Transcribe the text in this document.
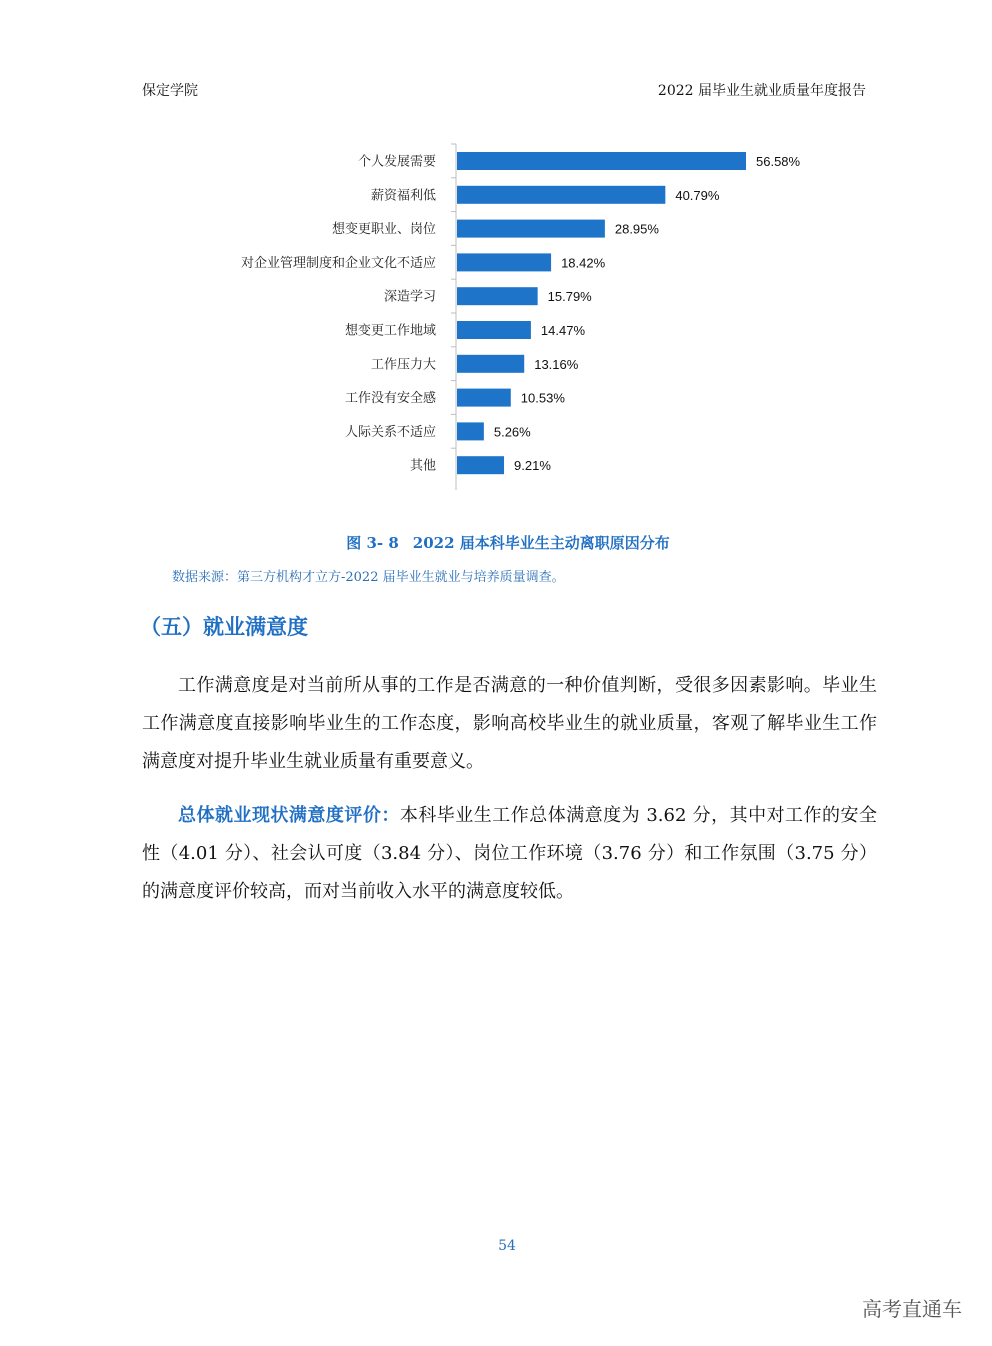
保定学院	2022 届毕业生就业质量年度报告
个人发展需要	56.58%
薪资福利低	40.79%
想变更职业、岗位	28.95%
对企业管理制度和企业文化不适应	18.42%
深造学习	15.79%
想变更工作地域	14.47%
工作压力大	13.16%
工作没有安全感	10.53%
人际关系不适应	5.26%
其他	9.21%
图 3- 8 2022 届本科毕业生主动离职原因分布
数据来源：第三方机构才立方-2022 届毕业生就业与培养质量调查。
（五）就业满意度

工作满意度是对当前所从事的工作是否满意的一种价值判断，受很多因素影响。毕业生工作满意度直接影响毕业生的工作态度，影响高校毕业生的就业质量，客观了解毕业生工作满意度对提升毕业生就业质量有重要意义。

总体就业现状满意度评价：本科毕业生工作总体满意度为 3.62 分，其中对工作的安全性（4.01 分）、社会认可度（3.84 分）、岗位工作环境（3.76 分）和工作氛围（3.75 分）的满意度评价较高，而对当前收入水平的满意度较低。

54
高考直通车
